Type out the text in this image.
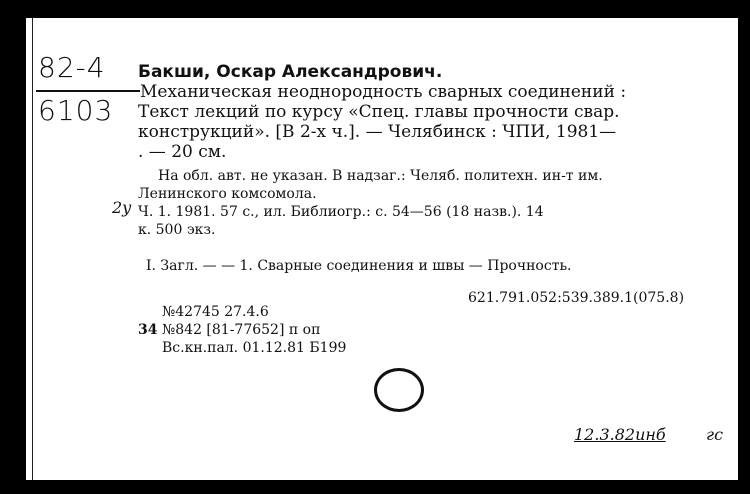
82-4
6103
Бакши, Оскар Александрович.
Механическая неоднородность сварных соединений :
Текст лекций по курсу «Спец. главы прочности свар.
конструкций». [В 2-х ч.]. — Челябинск : ЧПИ, 1981—
. — 20 см.
На обл. авт. не указан. В надзаг.: Челяб. политехн. ин-т им.
Ленинского комсомола.
2у Ч. 1. 1981. 57 с., ил. Библиогр.: с. 54—56 (18 назв.). 14
к. 500 экз.
I. Загл. — — 1. Сварные соединения и швы — Прочность.
621.791.052:539.389.1(075.8)
№42745 27.4.6
34 №842 [81-77652] п оп
Вс.кн.пал. 01.12.81 Б199
12.3.82инб	гс
